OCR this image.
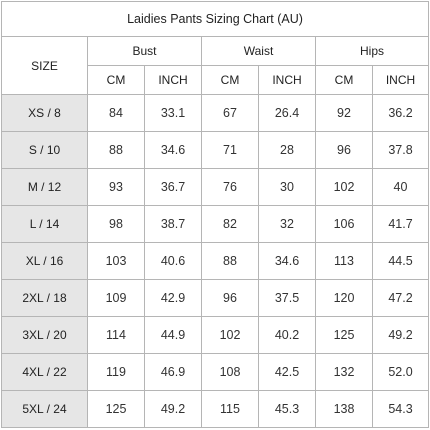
Laidies Pants Sizing Chart (AU)						
SIZE	Bust		Waist		Hips	
	CM	INCH	CM	INCH	CM	INCH
XS / 8	84	33.1	67	26.4	92	36.2
S / 10	88	34.6	71	28	96	37.8
M / 12	93	36.7	76	30	102	40
L / 14	98	38.7	82	32	106	41.7
XL / 16	103	40.6	88	34.6	113	44.5
2XL / 18	109	42.9	96	37.5	120	47.2
3XL / 20	114	44.9	102	40.2	125	49.2
4XL / 22	119	46.9	108	42.5	132	52.0
5XL / 24	125	49.2	115	45.3	138	54.3
